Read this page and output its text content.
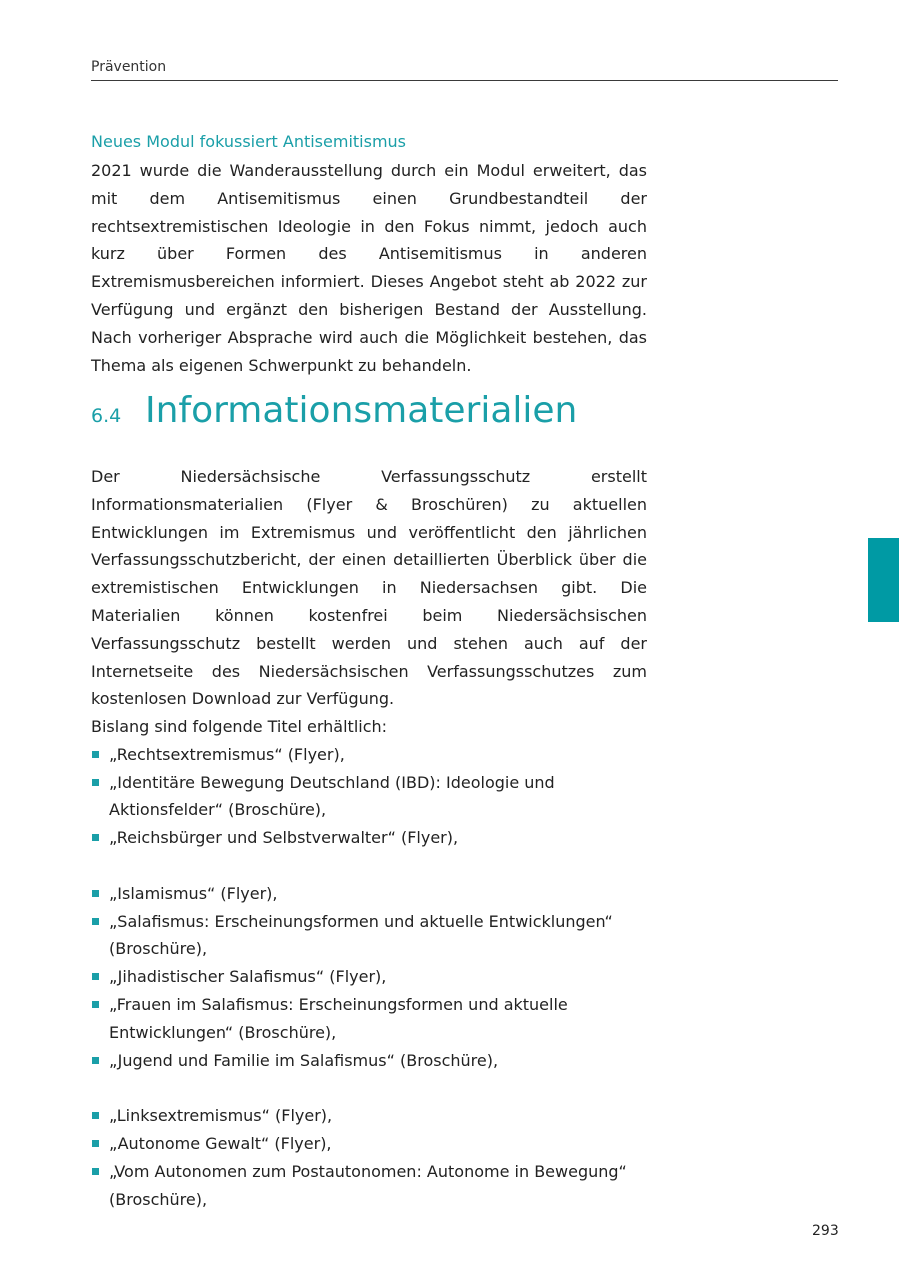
Prävention
Neues Modul fokussiert Antisemitismus

2021 wurde die Wanderausstellung durch ein Modul erweitert, das mit dem Antisemitismus einen Grundbestandteil der rechtsextremistischen Ideologie in den Fokus nimmt, jedoch auch kurz über Formen des Antisemitismus in anderen Extremismusbereichen informiert. Dieses Angebot steht ab 2022 zur Verfügung und ergänzt den bisherigen Bestand der Ausstellung. Nach vorheriger Absprache wird auch die Möglichkeit bestehen, das Thema als eigenen Schwerpunkt zu behandeln.

6.4 Informationsmaterialien

Der Niedersächsische Verfassungsschutz erstellt Informationsmaterialien (Flyer & Broschüren) zu aktuellen Entwicklungen im Extremismus und veröffentlicht den jährlichen Verfassungsschutzbericht, der einen detaillierten Überblick über die extremistischen Entwicklungen in Niedersachsen gibt. Die Materialien können kostenfrei beim Niedersächsischen Verfassungsschutz bestellt werden und stehen auch auf der Internetseite des Niedersächsischen Verfassungsschutzes zum kostenlosen Download zur Verfügung.

Bislang sind folgende Titel erhältlich:

„Rechtsextremismus“ (Flyer),
„Identitäre Bewegung Deutschland (IBD): Ideologie und Aktionsfelder“ (Broschüre),
„Reichsbürger und Selbstverwalter“ (Flyer),
„Islamismus“ (Flyer),
„Salafismus: Erscheinungsformen und aktuelle Entwicklungen“ (Broschüre),
„Jihadistischer Salafismus“ (Flyer),
„Frauen im Salafismus: Erscheinungsformen und aktuelle Entwicklungen“ (Broschüre),
„Jugend und Familie im Salafismus“ (Broschüre),
„Linksextremismus“ (Flyer),
„Autonome Gewalt“ (Flyer),
„Vom Autonomen zum Postautonomen: Autonome in Bewegung“ (Broschüre),
293
